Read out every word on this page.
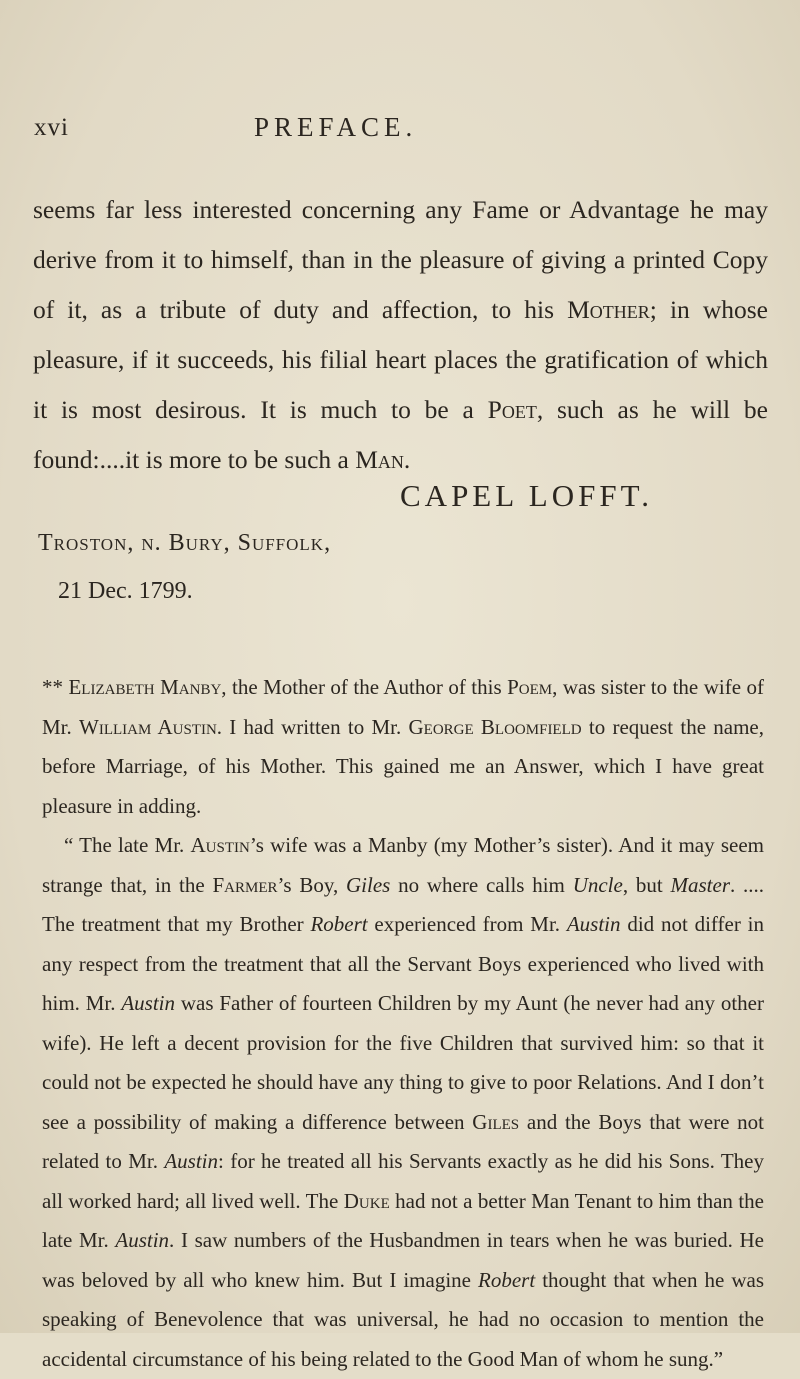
xvi	PREFACE.

seems far less interested concerning any Fame or Advantage he may derive from it to himself, than in the pleasure of giving a printed Copy of it, as a tribute of duty and affection, to his Mother; in whose pleasure, if it succeeds, his filial heart places the gratification of which it is most desirous. It is much to be a Poet, such as he will be found:....it is more to be such a Man.

CAPEL LOFFT.
Troston, n. Bury, Suffolk,
21 Dec. 1799.

** Elizabeth Manby, the Mother of the Author of this Poem, was sister to the wife of Mr. William Austin. I had written to Mr. George Bloomfield to request the name, before Marriage, of his Mother. This gained me an Answer, which I have great pleasure in adding.

“ The late Mr. Austin’s wife was a Manby (my Mother’s sister). And it may seem strange that, in the Farmer’s Boy, Giles no where calls him Uncle, but Master. .... The treatment that my Brother Robert experienced from Mr. Austin did not differ in any respect from the treatment that all the Servant Boys experienced who lived with him. Mr. Austin was Father of fourteen Children by my Aunt (he never had any other wife). He left a decent provision for the five Children that survived him: so that it could not be expected he should have any thing to give to poor Relations. And I don’t see a possibility of making a difference between Giles and the Boys that were not related to Mr. Austin: for he treated all his Servants exactly as he did his Sons. They all worked hard; all lived well. The Duke had not a better Man Tenant to him than the late Mr. Austin. I saw numbers of the Husbandmen in tears when he was buried. He was beloved by all who knew him. But I imagine Robert thought that when he was speaking of Benevolence that was universal, he had no occasion to mention the accidental circumstance of his being related to the Good Man of whom he sung.”
